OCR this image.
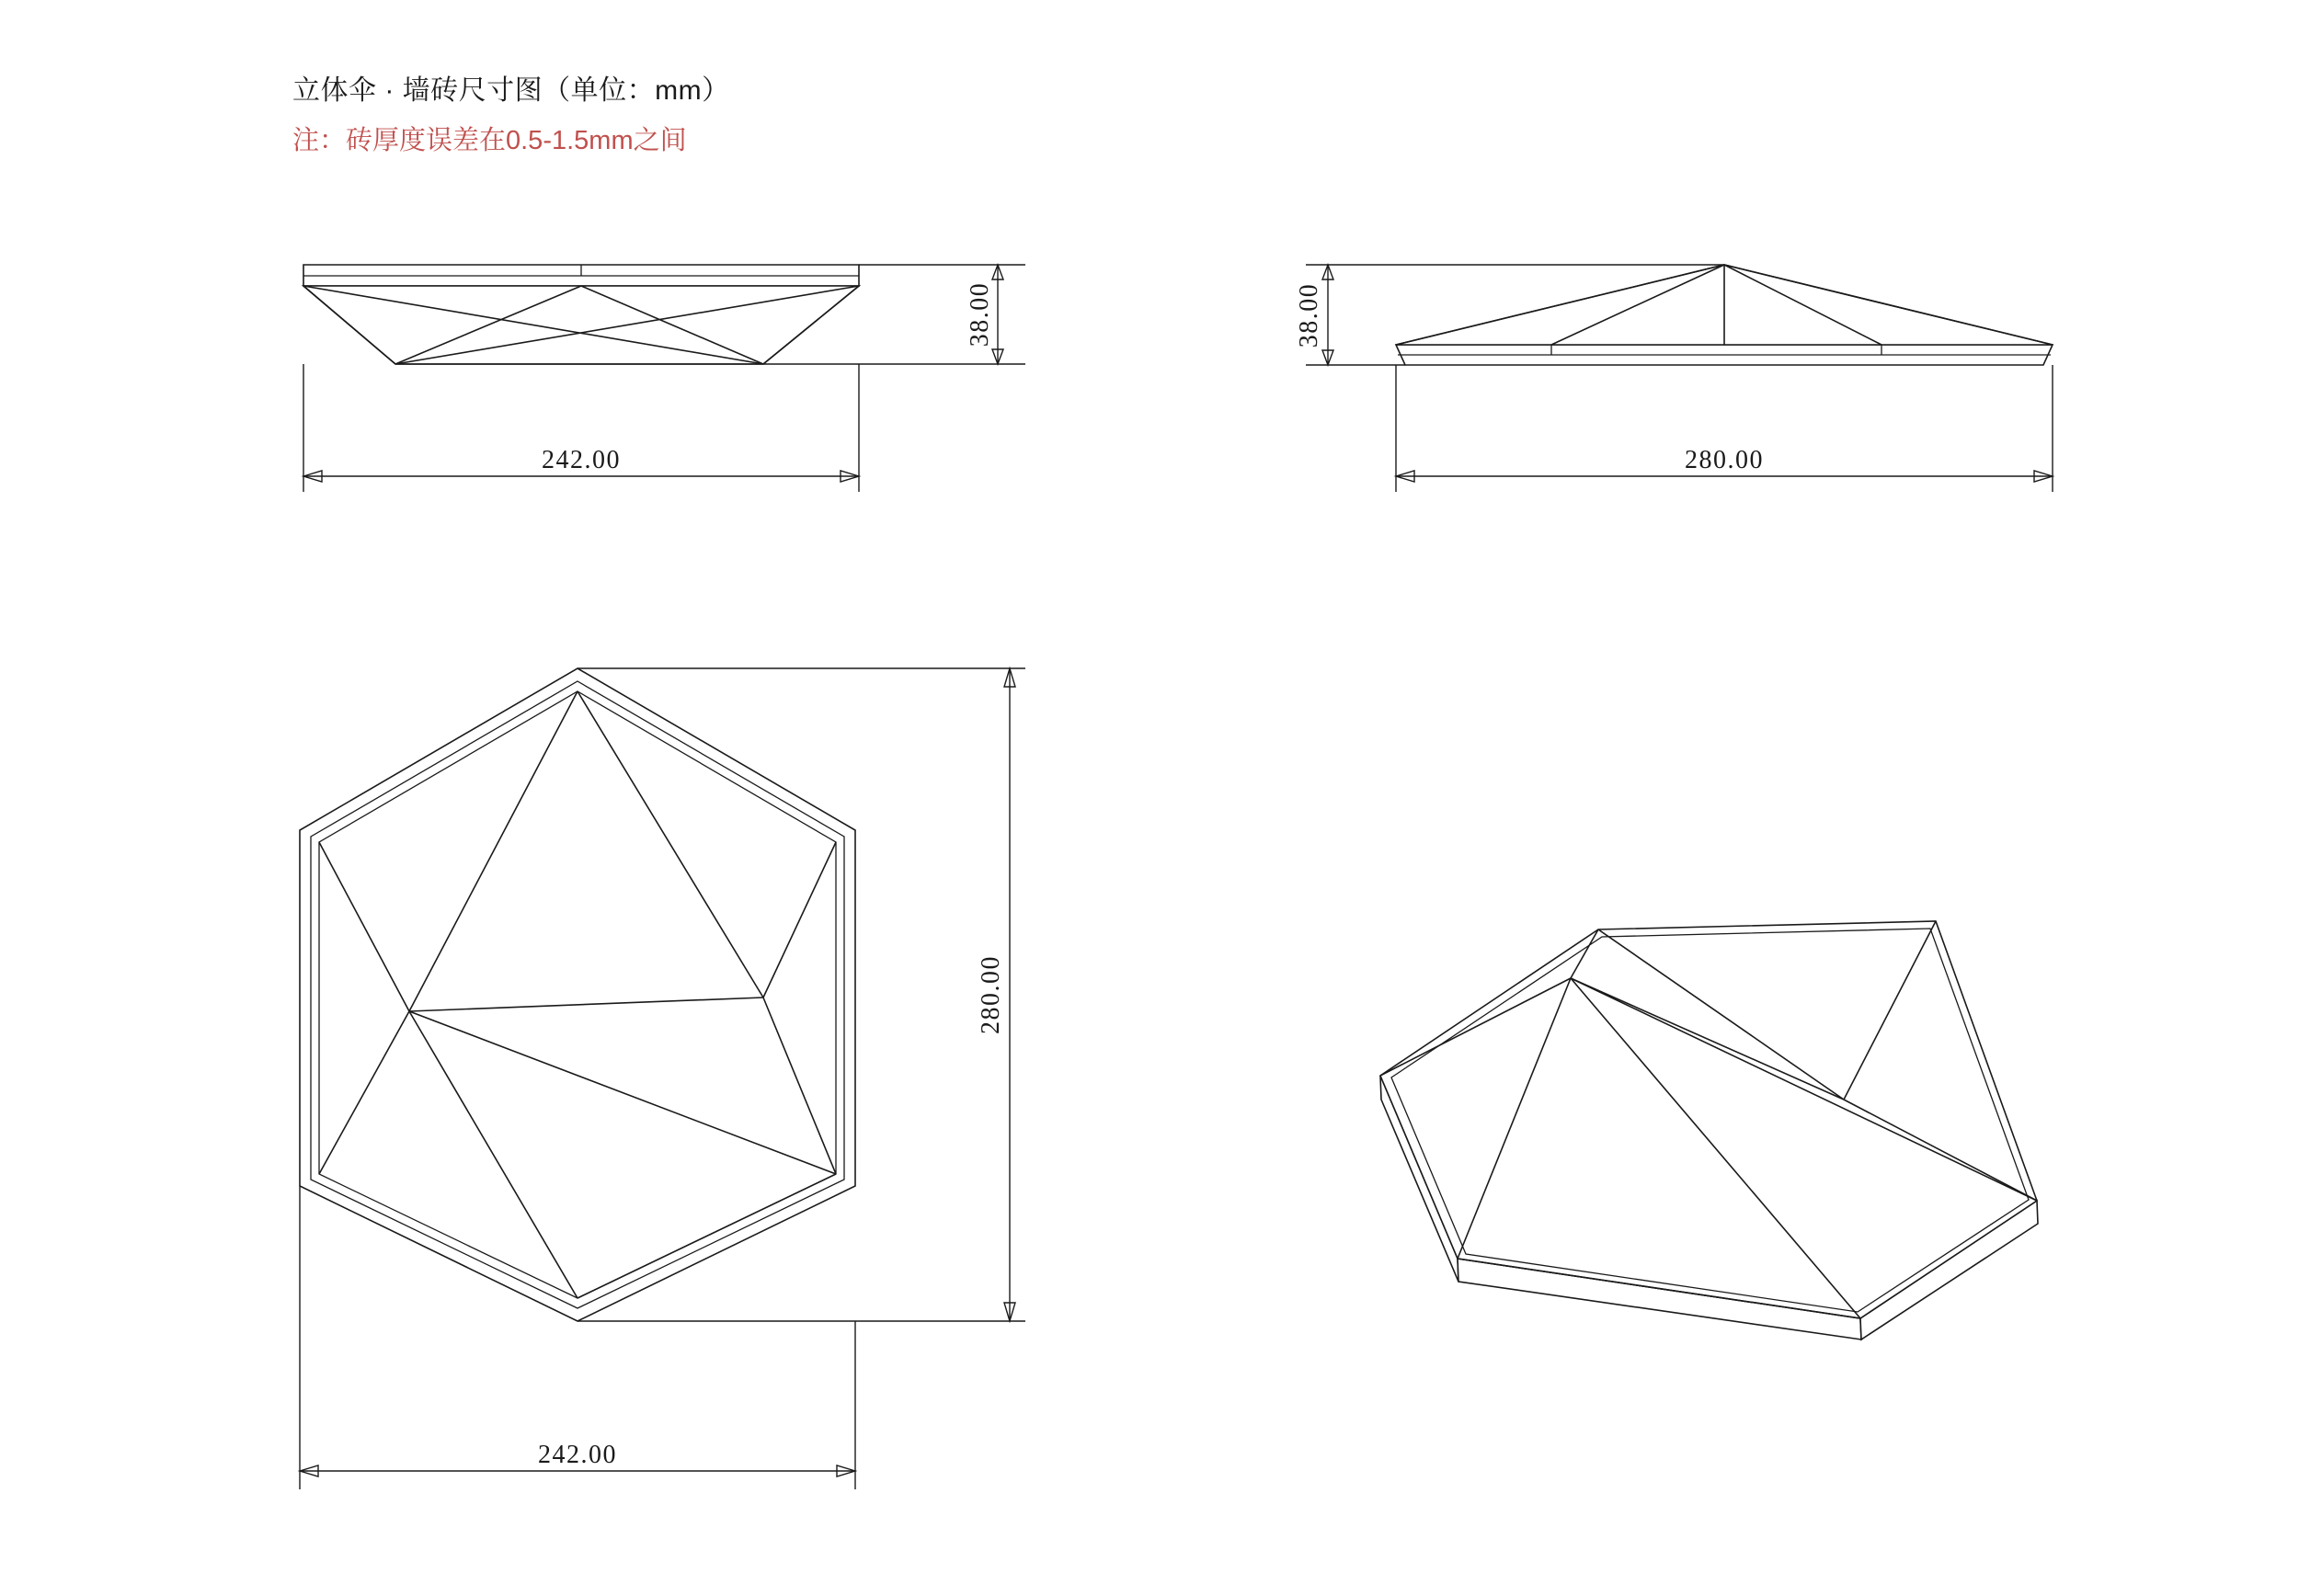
立体伞 · 墙砖尺寸图（单位：mm）
注：砖厚度误差在0.5-1.5mm之间
38.00
242.00
38.00
280.00
280.00
242.00
